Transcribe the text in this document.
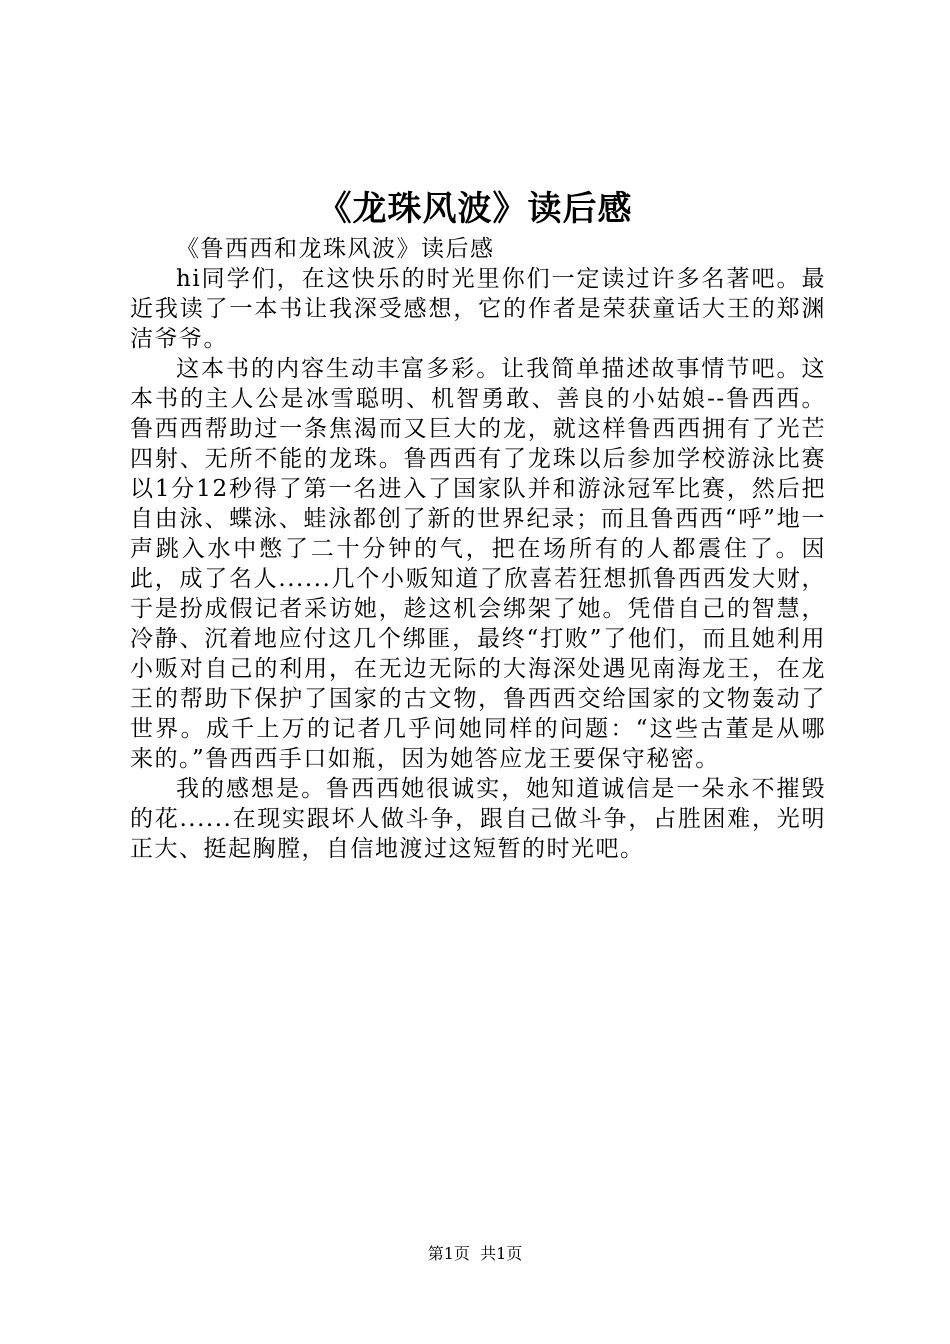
《龙珠风波》读后感

《鲁西西和龙珠风波》读后感

hi同学们，在这快乐的时光里你们一定读过许多名著吧。最近我读了一本书让我深受感想，它的作者是荣获童话大王的郑渊洁爷爷。

这本书的内容生动丰富多彩。让我简单描述故事情节吧。这本书的主人公是冰雪聪明、机智勇敢、善良的小姑娘--鲁西西。鲁西西帮助过一条焦渴而又巨大的龙，就这样鲁西西拥有了光芒四射、无所不能的龙珠。鲁西西有了龙珠以后参加学校游泳比赛以1分12秒得了第一名进入了国家队并和游泳冠军比赛，然后把自由泳、蝶泳、蛙泳都创了新的世界纪录；而且鲁西西“呼”地一声跳入水中憋了二十分钟的气，把在场所有的人都震住了。因此，成了名人......几个小贩知道了欣喜若狂想抓鲁西西发大财，于是扮成假记者采访她，趁这机会绑架了她。凭借自己的智慧，冷静、沉着地应付这几个绑匪，最终“打败”了他们，而且她利用小贩对自己的利用，在无边无际的大海深处遇见南海龙王，在龙王的帮助下保护了国家的古文物，鲁西西交给国家的文物轰动了世界。成千上万的记者几乎问她同样的问题：“这些古董是从哪来的。”鲁西西手口如瓶，因为她答应龙王要保守秘密。

我的感想是。鲁西西她很诚实，她知道诚信是一朵永不摧毁的花......在现实跟坏人做斗争，跟自己做斗争，占胜困难，光明正大、挺起胸膛，自信地渡过这短暂的时光吧。

第1页 共1页
